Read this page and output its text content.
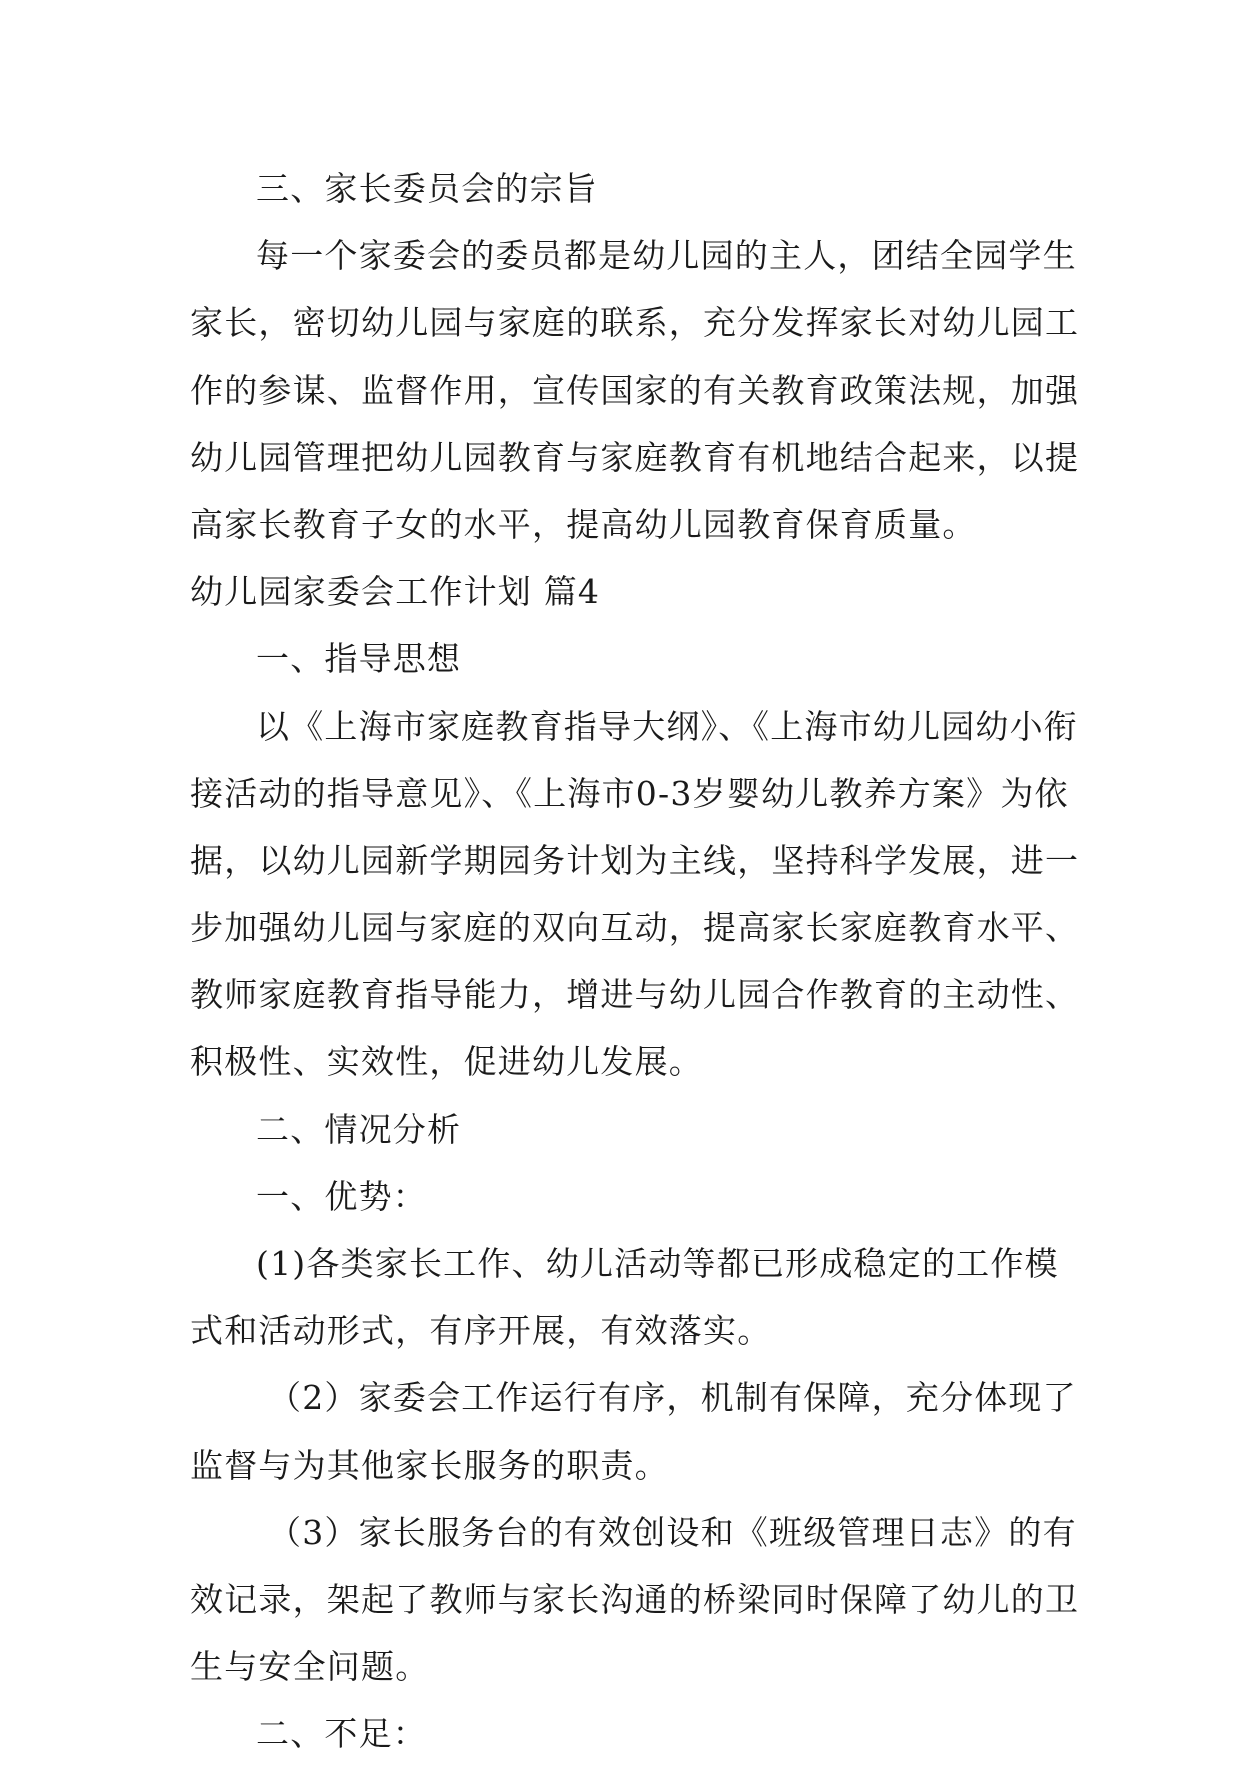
三、家长委员会的宗旨
每一个家委会的委员都是幼儿园的主人，团结全园学生
家长，密切幼儿园与家庭的联系，充分发挥家长对幼儿园工
作的参谋、监督作用，宣传国家的有关教育政策法规，加强
幼儿园管理把幼儿园教育与家庭教育有机地结合起来，以提
高家长教育子女的水平，提高幼儿园教育保育质量。
幼儿园家委会工作计划 篇4
一、指导思想
以《上海市家庭教育指导大纲》、《上海市幼儿园幼小衔
接活动的指导意见》、《上海市0-3岁婴幼儿教养方案》为依
据，以幼儿园新学期园务计划为主线，坚持科学发展，进一
步加强幼儿园与家庭的双向互动，提高家长家庭教育水平、
教师家庭教育指导能力，增进与幼儿园合作教育的主动性、
积极性、实效性，促进幼儿发展。
二、情况分析
一、优势：
(1)各类家长工作、幼儿活动等都已形成稳定的工作模
式和活动形式，有序开展，有效落实。
（2）家委会工作运行有序，机制有保障，充分体现了
监督与为其他家长服务的职责。
（3）家长服务台的有效创设和《班级管理日志》的有
效记录，架起了教师与家长沟通的桥梁同时保障了幼儿的卫
生与安全问题。
二、不足：
